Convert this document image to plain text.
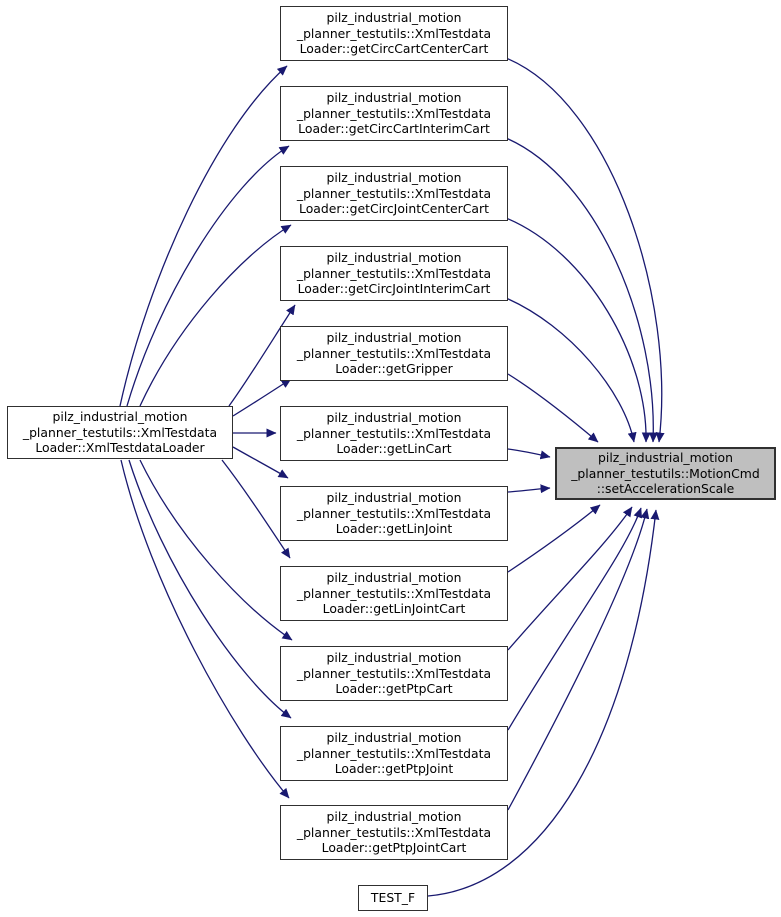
pilz_industrial_motion
_planner_testutils::XmlTestdata
Loader::XmlTestdataLoader
pilz_industrial_motion
_planner_testutils::XmlTestdata
Loader::getCircCartCenterCart
pilz_industrial_motion
_planner_testutils::XmlTestdata
Loader::getCircCartInterimCart
pilz_industrial_motion
_planner_testutils::XmlTestdata
Loader::getCircJointCenterCart
pilz_industrial_motion
_planner_testutils::XmlTestdata
Loader::getCircJointInterimCart
pilz_industrial_motion
_planner_testutils::XmlTestdata
Loader::getGripper
pilz_industrial_motion
_planner_testutils::XmlTestdata
Loader::getLinCart
pilz_industrial_motion
_planner_testutils::XmlTestdata
Loader::getLinJoint
pilz_industrial_motion
_planner_testutils::XmlTestdata
Loader::getLinJointCart
pilz_industrial_motion
_planner_testutils::XmlTestdata
Loader::getPtpCart
pilz_industrial_motion
_planner_testutils::XmlTestdata
Loader::getPtpJoint
pilz_industrial_motion
_planner_testutils::XmlTestdata
Loader::getPtpJointCart
pilz_industrial_motion
_planner_testutils::MotionCmd
::setAccelerationScale
TEST_F
